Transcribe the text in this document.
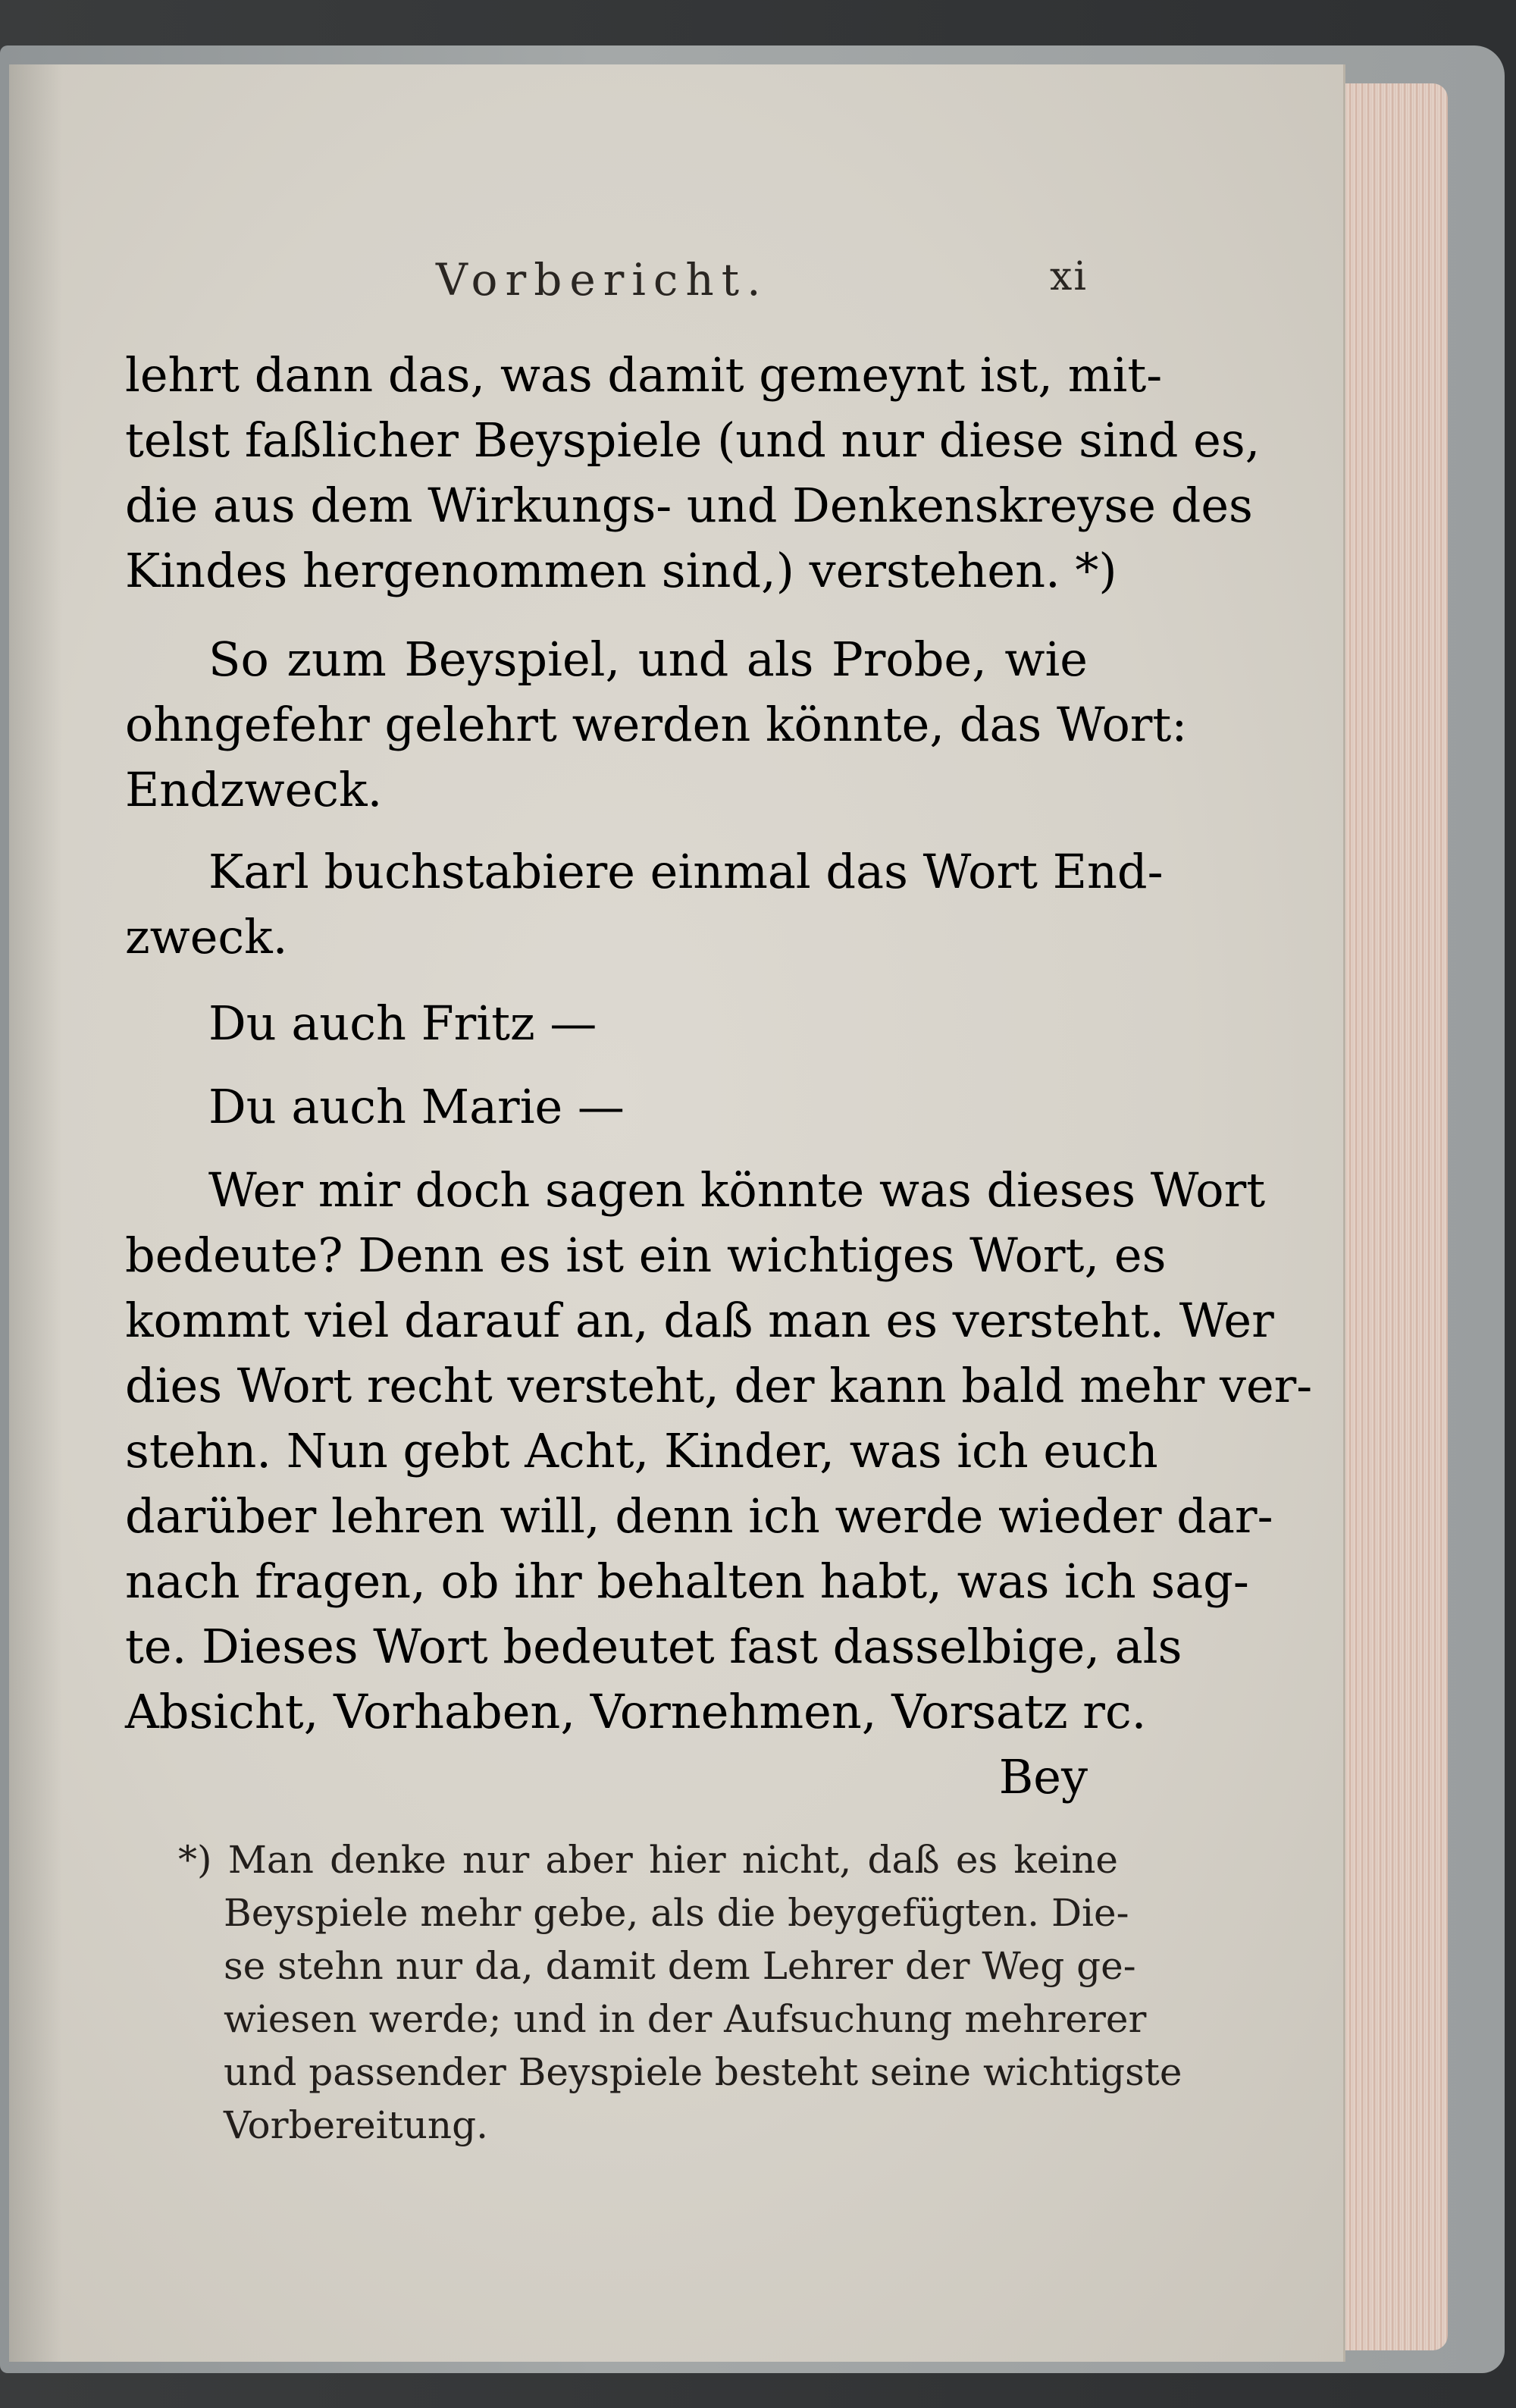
Vorbericht.	xi
lehrt dann das, was damit gemeynt ist, mit-
telst faßlicher Beyspiele (und nur diese sind es,
die aus dem Wirkungs- und Denkenskreyse des
Kindes hergenommen sind,) verstehen. *)
So zum Beyspiel, und als Probe, wie
ohngefehr gelehrt werden könnte, das Wort:
Endzweck.
Karl buchstabiere einmal das Wort End-
zweck.
Du auch Fritz —
Du auch Marie —
Wer mir doch sagen könnte was dieses Wort
bedeute? Denn es ist ein wichtiges Wort, es
kommt viel darauf an, daß man es versteht. Wer
dies Wort recht versteht, der kann bald mehr ver-
stehn. Nun gebt Acht, Kinder, was ich euch
darüber lehren will, denn ich werde wieder dar-
nach fragen, ob ihr behalten habt, was ich sag-
te. Dieses Wort bedeutet fast dasselbige, als
Absicht, Vorhaben, Vornehmen, Vorsatz rc.
Bey
*) Man denke nur aber hier nicht, daß es keine
Beyspiele mehr gebe, als die beygefügten. Die-
se stehn nur da, damit dem Lehrer der Weg ge-
wiesen werde; und in der Aufsuchung mehrerer
und passender Beyspiele besteht seine wichtigste
Vorbereitung.
